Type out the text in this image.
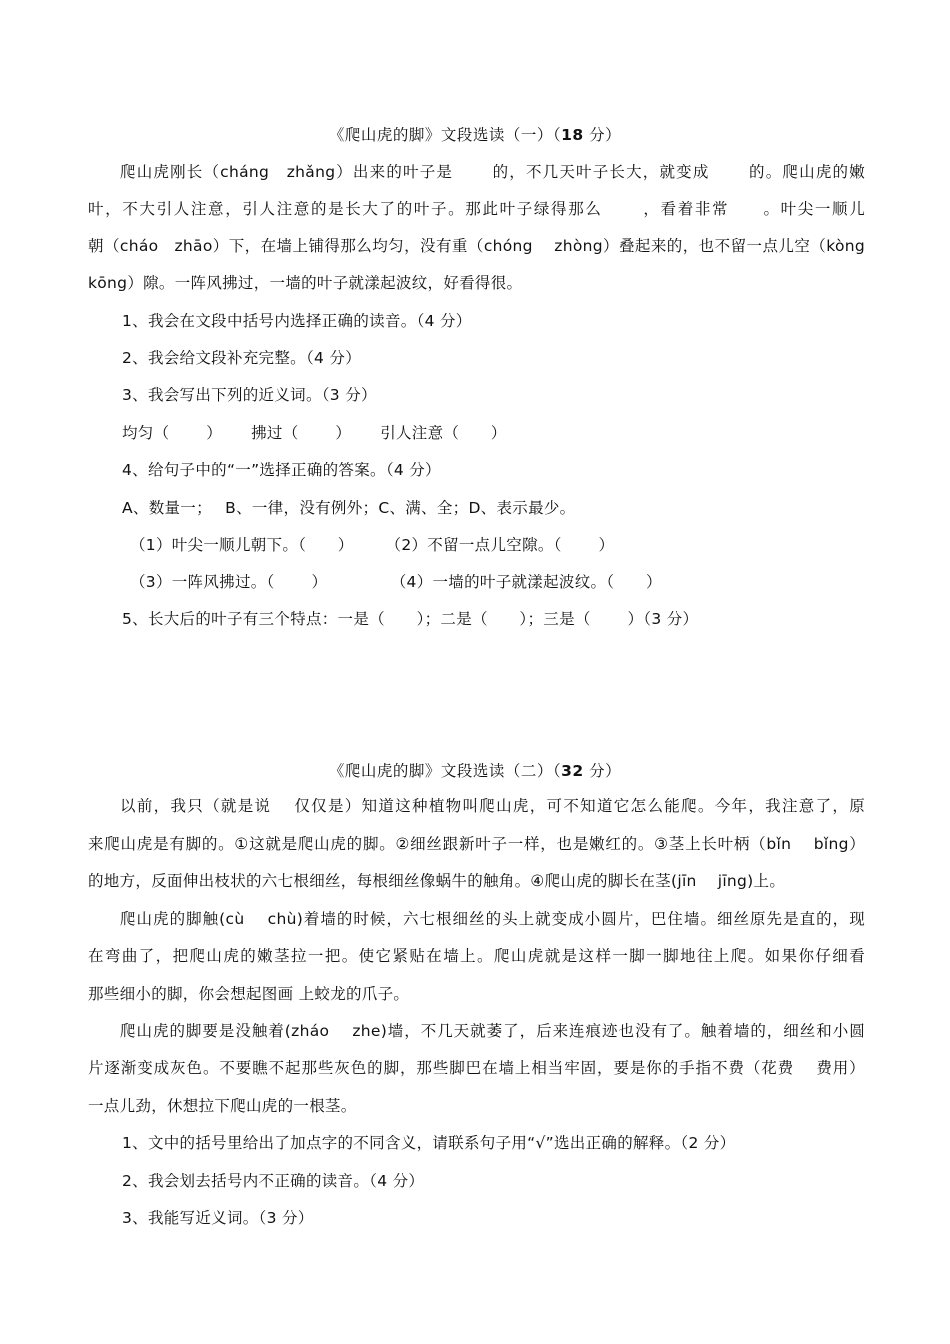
《爬山虎的脚》文段选读（一）（18 分）
爬山虎刚长（cháng　zhǎng）出来的叶子是　　 的，不几天叶子长大，就变成　　 的。爬山虎的嫩
叶，不大引人注意，引人注意的是长大了的叶子。那此叶子绿得那么　　 ，看着非常　　。叶尖一顺儿
朝（cháo　zhāo）下，在墙上铺得那么均匀，没有重（chóng　 zhòng）叠起来的，也不留一点儿空（kòng
kōng）隙。一阵风拂过，一墙的叶子就漾起波纹，好看得很。
1、我会在文段中括号内选择正确的读音。（4 分）
2、我会给文段补充完整。（4 分）
3、我会写出下列的近义词。（3 分）
均匀（　　 ）　　 拂过（　　 ）　　 引人注意（　　）
4、给句子中的“一”选择正确的答案。（4 分）
A、数量一；　 B、一律，没有例外；C、满、全；D、表示最少。
（1）叶尖一顺儿朝下。（　　）　　　（2）不留一点儿空隙。（　　 ）
（3）一阵风拂过。（　　 ）　　　　　（4）一墙的叶子就漾起波纹。（　　）
5、长大后的叶子有三个特点：一是（　　）；二是（　　）；三是（　　 ）（3 分）
《爬山虎的脚》文段选读（二）（32 分）
以前，我只（就是说　 仅仅是）知道这种植物叫爬山虎，可不知道它怎么能爬。今年，我注意了，原
来爬山虎是有脚的。①这就是爬山虎的脚。②细丝跟新叶子一样，也是嫩红的。③茎上长叶柄（bǐn　 bǐng）
的地方，反面伸出枝状的六七根细丝，每根细丝像蜗牛的触角。④爬山虎的脚长在茎(jīn　 jīng)上。
爬山虎的脚触(cù　 chù)着墙的时候，六七根细丝的头上就变成小圆片，巴住墙。细丝原先是直的，现
在弯曲了，把爬山虎的嫩茎拉一把。使它紧贴在墙上。爬山虎就是这样一脚一脚地往上爬。如果你仔细看
那些细小的脚，你会想起图画 上蛟龙的爪子。
爬山虎的脚要是没触着(zháo　 zhe)墙，不几天就萎了，后来连痕迹也没有了。触着墙的，细丝和小圆
片逐渐变成灰色。不要瞧不起那些灰色的脚，那些脚巴在墙上相当牢固，要是你的手指不费（花费　 费用）
一点儿劲，休想拉下爬山虎的一根茎。
1、文中的括号里给出了加点字的不同含义，请联系句子用“√”选出正确的解释。（2 分）
2、我会划去括号内不正确的读音。（4 分）
3、我能写近义词。（3 分）
